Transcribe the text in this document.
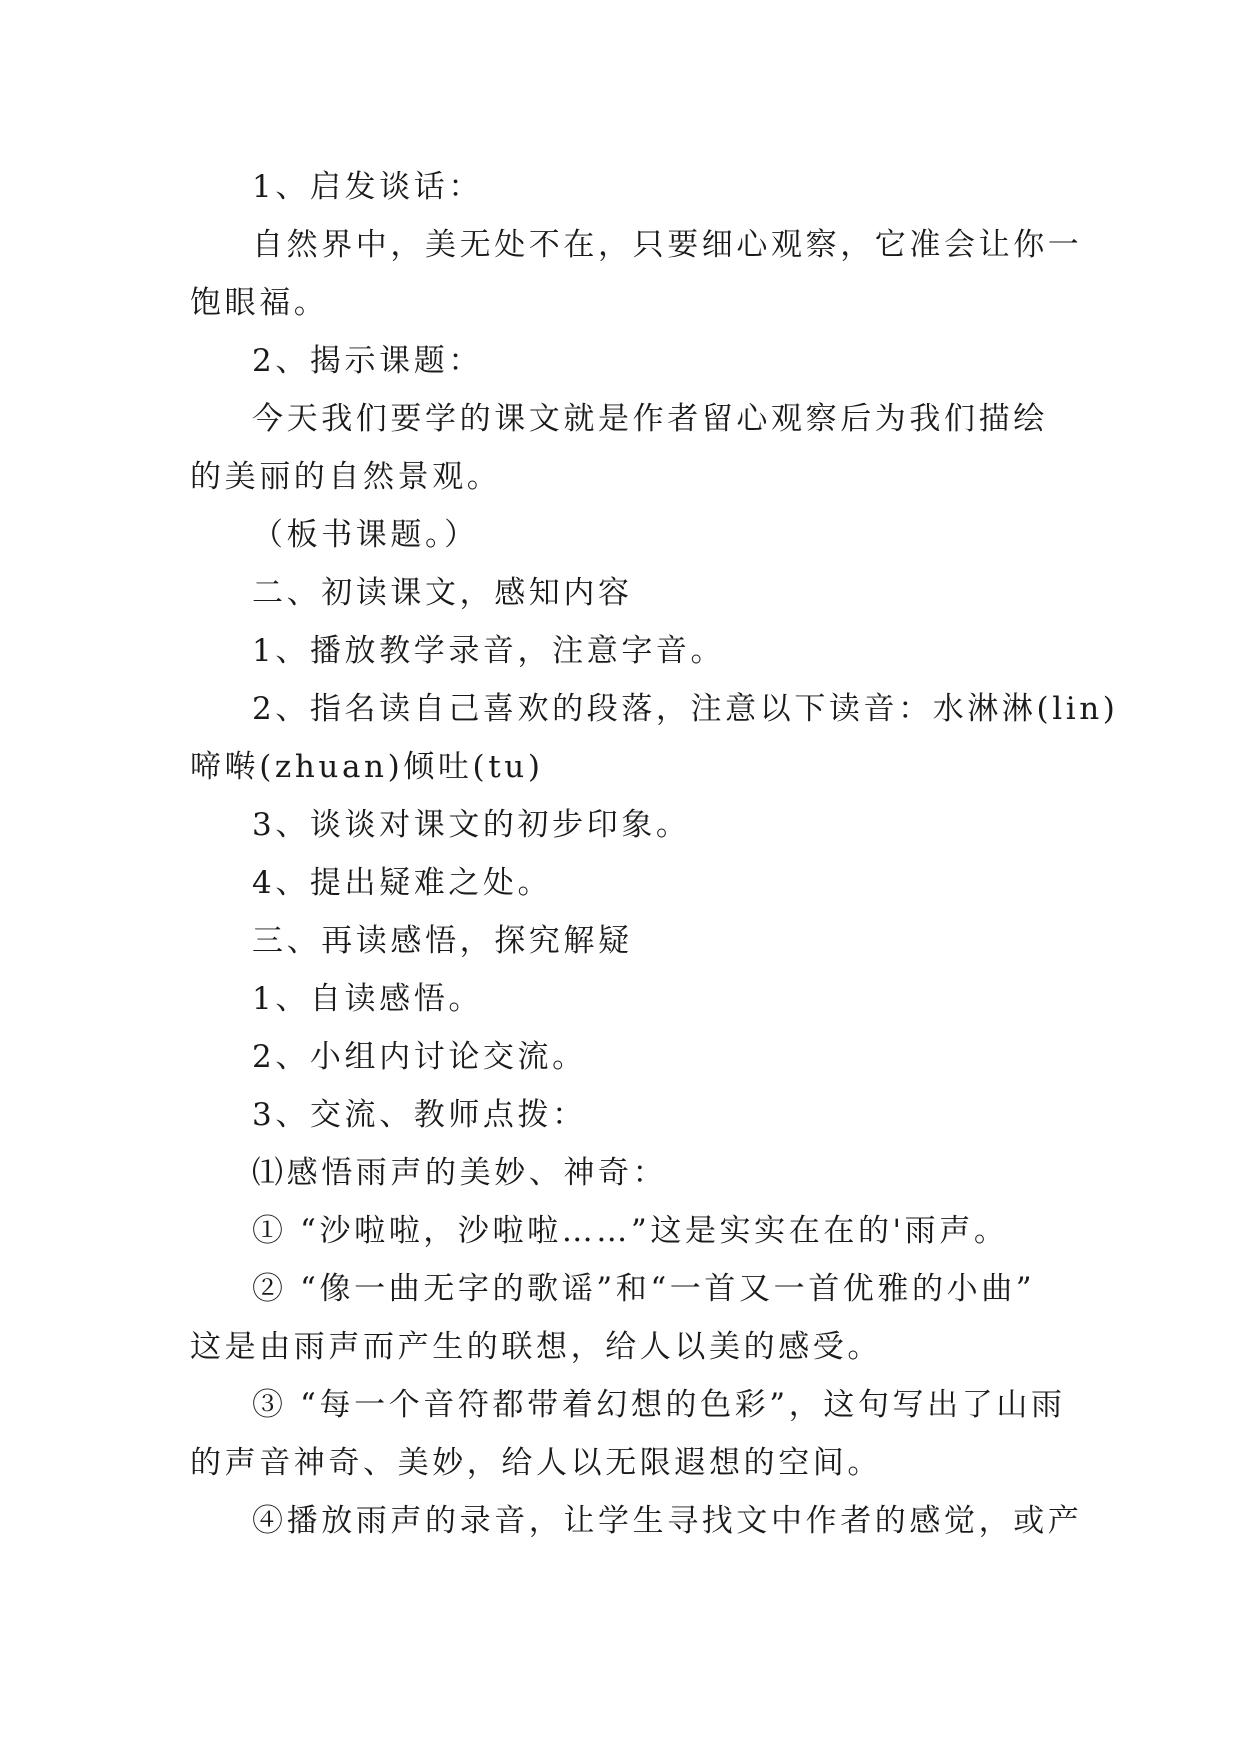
1、启发谈话：
自然界中，美无处不在，只要细心观察，它准会让你一
饱眼福。
2、揭示课题：
今天我们要学的课文就是作者留心观察后为我们描绘
的美丽的自然景观。
（板书课题。）
二、初读课文，感知内容
1、播放教学录音，注意字音。
2、指名读自己喜欢的段落，注意以下读音：水淋淋(lin)
啼啭(zhuan)倾吐(tu)
3、谈谈对课文的初步印象。
4、提出疑难之处。
三、再读感悟，探究解疑
1、自读感悟。
2、小组内讨论交流。
3、交流、教师点拨：
⑴感悟雨声的美妙、神奇：
① “沙啦啦，沙啦啦……”这是实实在在的'雨声。
② “像一曲无字的歌谣”和“一首又一首优雅的小曲”
这是由雨声而产生的联想，给人以美的感受。
③ “每一个音符都带着幻想的色彩”，这句写出了山雨
的声音神奇、美妙，给人以无限遐想的空间。
④播放雨声的录音，让学生寻找文中作者的感觉，或产
